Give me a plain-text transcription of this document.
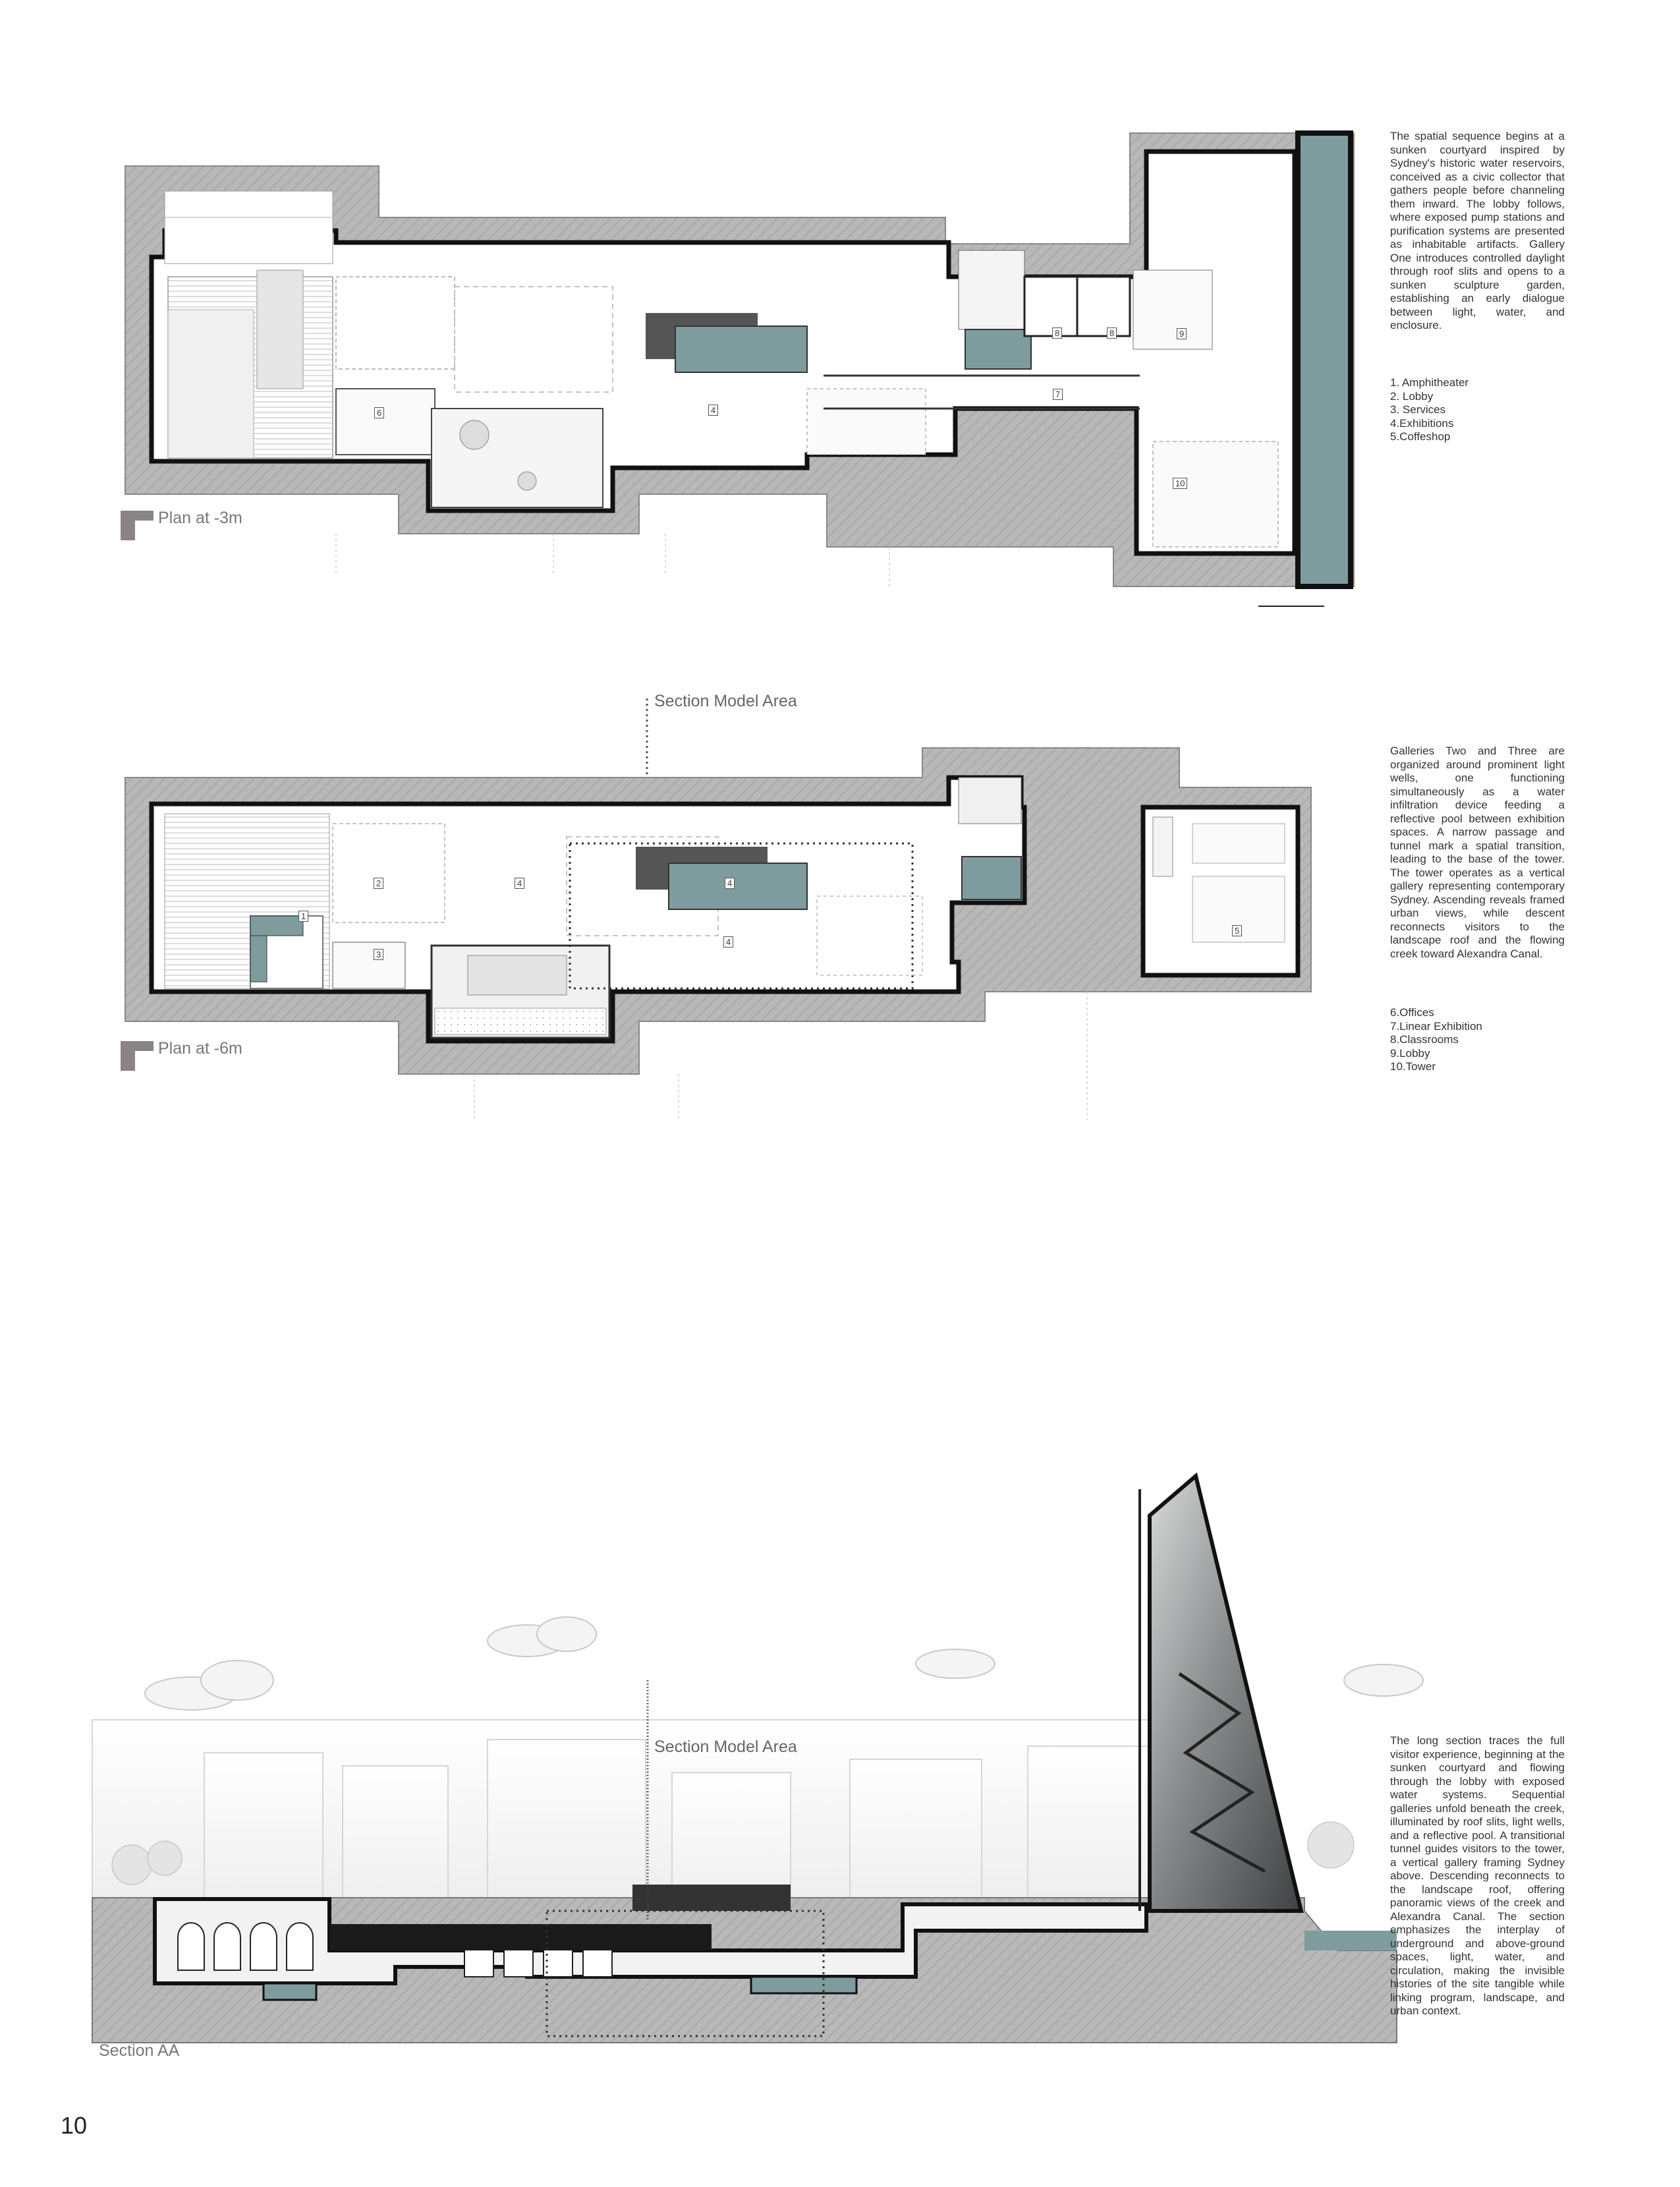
6	4
7
8	8	9
10
Plan at -3m
The spatial sequence begins at a sunken courtyard inspired by Sydney's historic water reservoirs, conceived as a civic collector that gathers people before channeling them inward. The lobby follows, where exposed pump stations and purification systems are presented as inhabitable artifacts. Gallery One introduces controlled daylight through roof slits and opens to a sunken sculpture garden, establishing an early dialogue between light, water, and enclosure.
1. Amphitheater
2. Lobby
3. Services
4.Exhibitions
5.Coffeshop
Section Model Area
1
2
3
4	4
4
5
Plan at -6m
Galleries Two and Three are organized around prominent light wells, one functioning simultaneously as a water infiltration device feeding a reflective pool between exhibition spaces. A narrow passage and tunnel mark a spatial transition, leading to the base of the tower. The tower operates as a vertical gallery representing contemporary Sydney. Ascending reveals framed urban views, while descent reconnects visitors to the landscape roof and the flowing creek toward Alexandra Canal.
6.Offices
7.Linear Exhibition
8.Classrooms
9.Lobby
10.Tower
Section Model Area
Section AA
The long section traces the full visitor experience, beginning at the sunken courtyard and flowing through the lobby with exposed water systems. Sequential galleries unfold beneath the creek, illuminated by roof slits, light wells, and a reflective pool. A transitional tunnel guides visitors to the tower, a vertical gallery framing Sydney above. Descending reconnects to the landscape roof, offering panoramic views of the creek and Alexandra Canal. The section emphasizes the interplay of underground and above-ground spaces, light, water, and circulation, making the invisible histories of the site tangible while linking program, landscape, and urban context.
10
